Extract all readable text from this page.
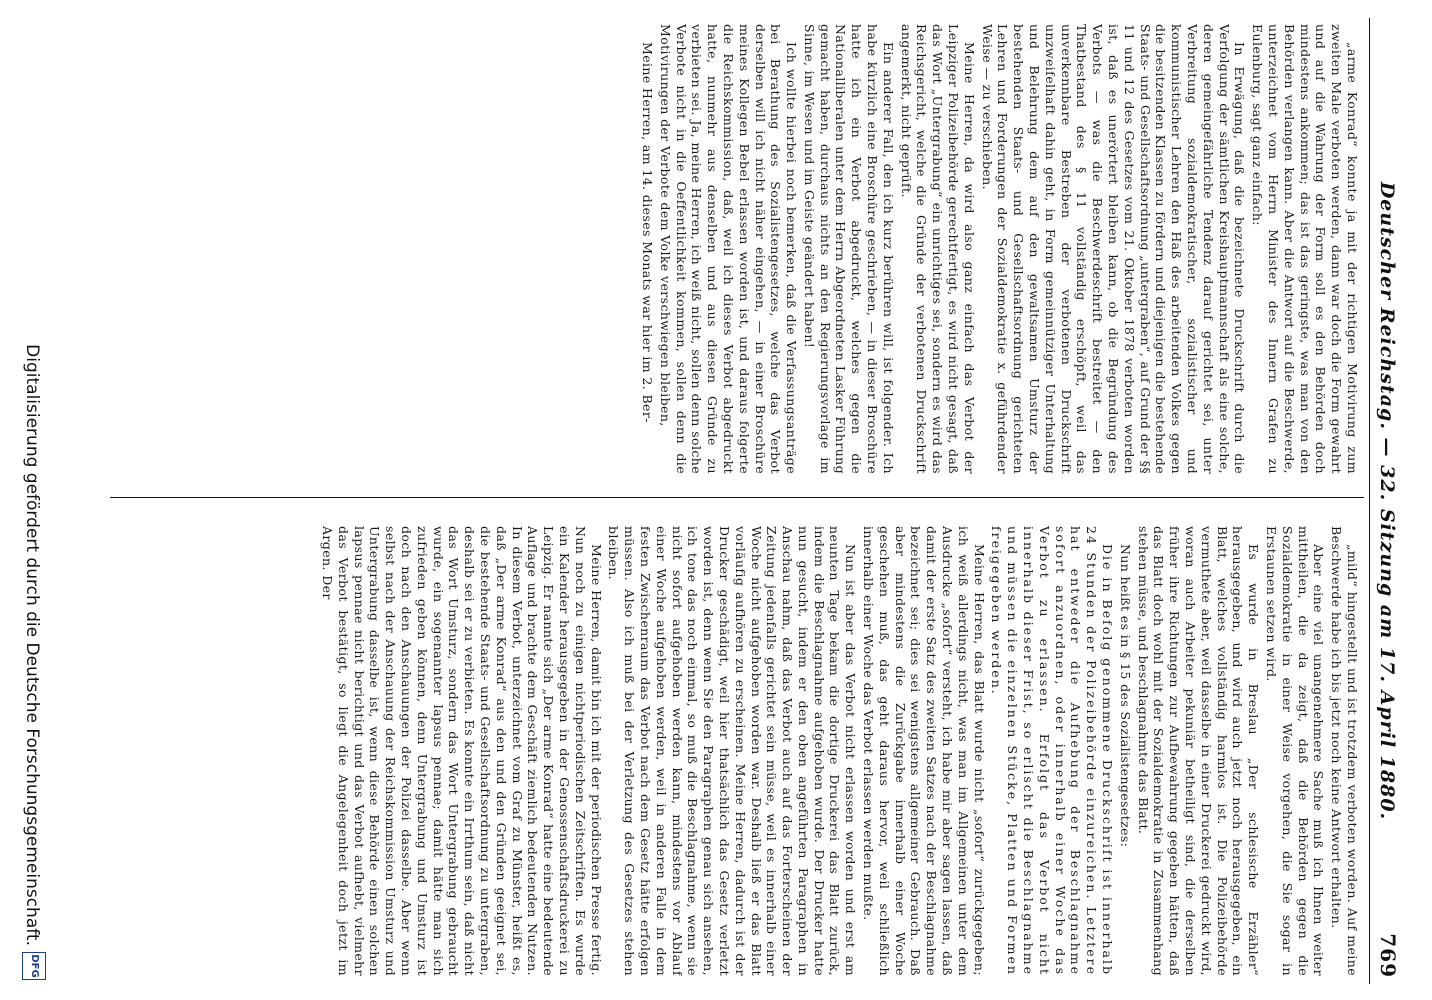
Deutscher Reichstag. — 32. Sitzung am 17. April 1880.
769

„arme Konrad“ konnte ja mit der richtigen Motivirung zum zweiten Male verboten werden, dann war doch die Form gewahrt und auf die Wahrung der Form soll es den Behörden doch mindestens ankommen; das ist das geringste, was man von den Behörden verlangen kann. Aber die Antwort auf die Beschwerde, unterzeichnet vom Herrn Minister des Innern Grafen zu Eulenburg, sagt ganz einfach:

In Erwägung, daß die bezeichnete Druckschrift durch die Verfolgung der sämtlichen Kreishauptmannschaft als eine solche, deren gemeingefährliche Tendenz darauf gerichtet sei, unter Verbreitung sozialdemokratischer, sozialistischer und kommunistischer Lehren den Haß des arbeitenden Volkes gegen die besitzenden Klassen zu fördern und diejenigen die bestehende Staats- und Gesellschaftsordnung „untergraben“, auf Grund der §§ 11 und 12 des Gesetzes vom 21. Oktober 1878 verboten worden ist, daß es unerörtert bleiben kann, ob die Begründung des Verbots — was die Beschwerdeschrift bestreitet — den Thatbestand des § 11 vollständig erschöpft, weil das unverkennbare Bestreben der verbotenen Druckschrift unzweifelhaft dahin geht, in Form gemeinnütziger Unterhaltung und Belehrung dem auf den gewaltsamen Umsturz der bestehenden Staats- und Gesellschaftsordnung gerichteten Lehren und Forderungen der Sozialdemokratie x. geführdender Weise — zu verschieben.

Meine Herren, da wird also ganz einfach das Verbot der Leipziger Polizeibehörde gerechtfertigt, es wird nicht gesagt, daß das Wort „Untergrabung“ ein unrichtiges sei, sondern es wird das Reichsgericht, welche die Gründe der verbotenen Druckschrift angemerkt, nicht geprüft.

Ein anderer Fall, den ich kurz berühren will, ist folgender. Ich habe kürzlich eine Broschüre geschrieben, — in dieser Broschüre hatte ich ein Verbot abgedruckt, welches gegen die Nationalliberalen unter dem Herrn Abgeordneten Lasker Führung gemacht haben, durchaus nichts an den Regierungsvorlage im Sinne, im Wesen und im Geiste geändert haben!

Ich wollte hierbei noch bemerken, daß die Verfassungsanträge bei Berathung des Sozialistengesetzes, welche das Verbot derselben will ich nicht näher eingehen, — in einer Broschüre meines Kollegen Bebel erlassen worden ist, und daraus folgerte die Reichskommission, daß, weil ich dieses Verbot abgedruckt hatte, nunmehr aus denselben und aus diesen Gründe zu verbieten sei. Ja, meine Herren, ich weiß nicht, sollen denn solche Verbote nicht in die Oeffentlichkeit kommen, sollen denn die Motivirungen der Verbote dem Volke verschwiegen bleiben,

Meine Herren, am 14. dieses Monats war hier im 2. Ber-

„mild“ hingestellt und ist trotzdem verboten worden. Auf meine Beschwerde habe ich bis jetzt noch keine Antwort erhalten.

Aber eine viel unangenehmere Sache muß ich Ihnen weiter mittheilen, die da zeigt, daß die Behörden gegen die Sozialdemokratie in einer Weise vorgehen, die Sie sogar in Erstaunen setzen wird.

Es wurde in Breslau „Der schlesische Erzähler“ herausgegeben, und wird auch jetzt noch herausgegeben, ein Blatt, welches vollständig harmlos ist. Die Polizeibehörde vermuthete aber, weil dasselbe in einer Druckerei gedruckt wird, woran auch Arbeiter pekuniär betheiligt sind, die derselben früher ihre Richtungen zur Aufbewahrung gegeben hätten, daß das Blatt doch wohl mit der Sozialdemokratie in Zusammenhang stehen müsse, und beschlagnahmte das Blatt.

Nun heißt es in § 15 des Sozialistengesetzes:

Die in Befolg genommene Druckschrift ist innerhalb 24 Stunden der Polizeibehörde einzureichen. Letztere hat entweder die Aufhebung der Beschlagnahme sofort anzuordnen, oder innerhalb einer Woche das Verbot zu erlassen. Erfolgt das Verbot nicht innerhalb dieser Frist, so erlischt die Beschlagnahme und müssen die einzelnen Stücke, Platten und Formen freigegeben werden.

Meine Herren, das Blatt wurde nicht „sofort“ zurückgegeben; ich weiß allerdings nicht, was man im Allgemeinen unter dem Ausdrucke „sofort“ versteht, ich habe mir aber sagen lassen, daß damit der erste Satz des zweiten Satzes nach der Beschlagnahme bezeichnet sei; dies sei wenigstens allgemeiner Gebrauch. Daß aber mindestens die Zurückgabe innerhalb einer Woche geschehen muß, das geht daraus hervor, weil schließlich innerhalb einer Woche das Verbot erlassen werden mußte.

Nun ist aber das Verbot nicht erlassen worden und erst am neunten Tage bekam die dortige Druckerei das Blatt zurück, indem die Beschlagnahme aufgehoben wurde. Der Drucker hatte nun gesucht, indem er den oben angeführten Paragraphen in Anschau nahm, daß das Verbot auch auf das Forterscheinen der Zeitung jedenfalls gerichtet sein müsse, weil es innerhalb einer Woche nicht aufgehoben worden war. Deshalb ließ er das Blatt vorläufig aufhören zu erscheinen. Meine Herren, dadurch ist der Drucker geschädigt, weil hier thatsächlich das Gesetz verletzt worden ist, denn wenn Sie den Paragraphen genau sich ansehen, ich tone das noch einmal, so muß die Beschlagnahme, wenn sie nicht sofort aufgehoben werden kann, mindestens vor Ablauf einer Woche aufgehoben werden, weil in anderen Falle in dem festen Zwischenraum das Verbot nach dem Gesetz hätte erfolgen müssen. Also ich muß bei der Verletzung des Gesetzes stehen bleiben.

Meine Herren, damit bin ich mit der periodischen Presse fertig. Nun noch zu einigen nichtperiodischen Zeitschriften. Es wurde ein Kalender herausgegeben in der Genossenschaftsdruckerei zu Leipzig. Er nannte sich „Der arme Konrad“ hatte eine bedeutende Auflage und brachte dem Geschäft ziemlich bedeutenden Nutzen. In diesem Verbot, unterzeichnet vom Graf zu Münster, heißt es, daß „Der arme Konrad“ aus den und den Gründen geeignet sei, die bestehende Staats- und Gesellschaftsordnung zu untergraben, deshalb sei er zu verbieten. Es konnte ein Irrthum sein, daß nicht das Wort Umsturz, sondern das Wort Untergrabung gebraucht wurde, ein sogenannter lapsus pennae; damit hätte man sich zufrieden geben können, denn Untergrabung und Umsturz ist doch nach den Anschauungen der Polizei dasselbe. Aber wenn selbst nach der Anschauung der Reichskommission Umsturz und Untergrabung dasselbe ist, wenn diese Behörde einen solchen lapsus pennae nicht berichtigt und das Verbot aufhebt, vielmehr das Verbot bestätigt, so liegt die Angelegenheit doch jetzt im Argen. Der

Digitalisierung gefördert durch die Deutsche Forschungsgemeinschaft.
DFG
